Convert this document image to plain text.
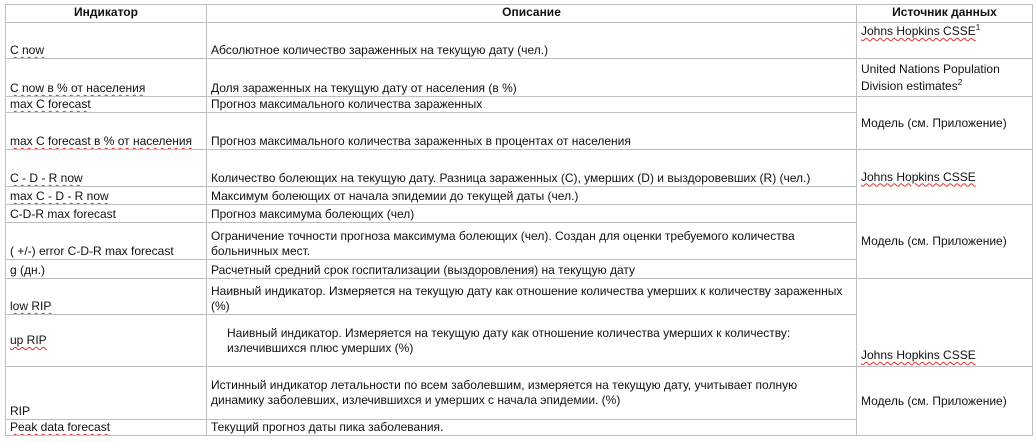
Индикатор	Описание	Источник данных
C now	Абсолютное количество зараженных на текущую дату (чел.)	Johns Hopkins CSSE$^1$
C now в % от населения	Доля зараженных на текущую дату от населения (в %)	United Nations Population Division estimates$^2$
max C forecast	Прогноз максимального количества зараженных	Модель (см. Приложение)
max C forecast в % от населения	Прогноз максимального количества зараженных в процентах от населения	
C - D - R now	Количество болеющих на текущую дату. Разница зараженных (C), умерших (D) и выздоровевших (R) (чел.)	Johns Hopkins CSSE
max C - D - R now	Максимум болеющих от начала эпидемии до текущей даты (чел.)	
C-D-R max forecast	Прогноз максимума болеющих (чел)	Модель (см. Приложение)
( +/-) error C-D-R max forecast	Ограничение точности прогноза максимума болеющих (чел). Создан для оценки требуемого количества больничных мест.	
g (дн.)	Расчетный средний срок госпитализации (выздоровления) на текущую дату	
low RIP	Наивный индикатор. Измеряется на текущую дату как отношение количества умерших к количеству зараженных (%)	Johns Hopkins CSSE
up RIP	Наивный индикатор. Измеряется на текущую дату как отношение количества умерших к количеству: излечившихся плюс умерших (%)	
RIP	Истинный индикатор летальности по всем заболевшим, измеряется на текущую дату, учитывает полную динамику заболевших, излечившихся и умерших с начала эпидемии. (%)	Модель (см. Приложение)
Peak data forecast	Текущий прогноз даты пика заболевания.	
